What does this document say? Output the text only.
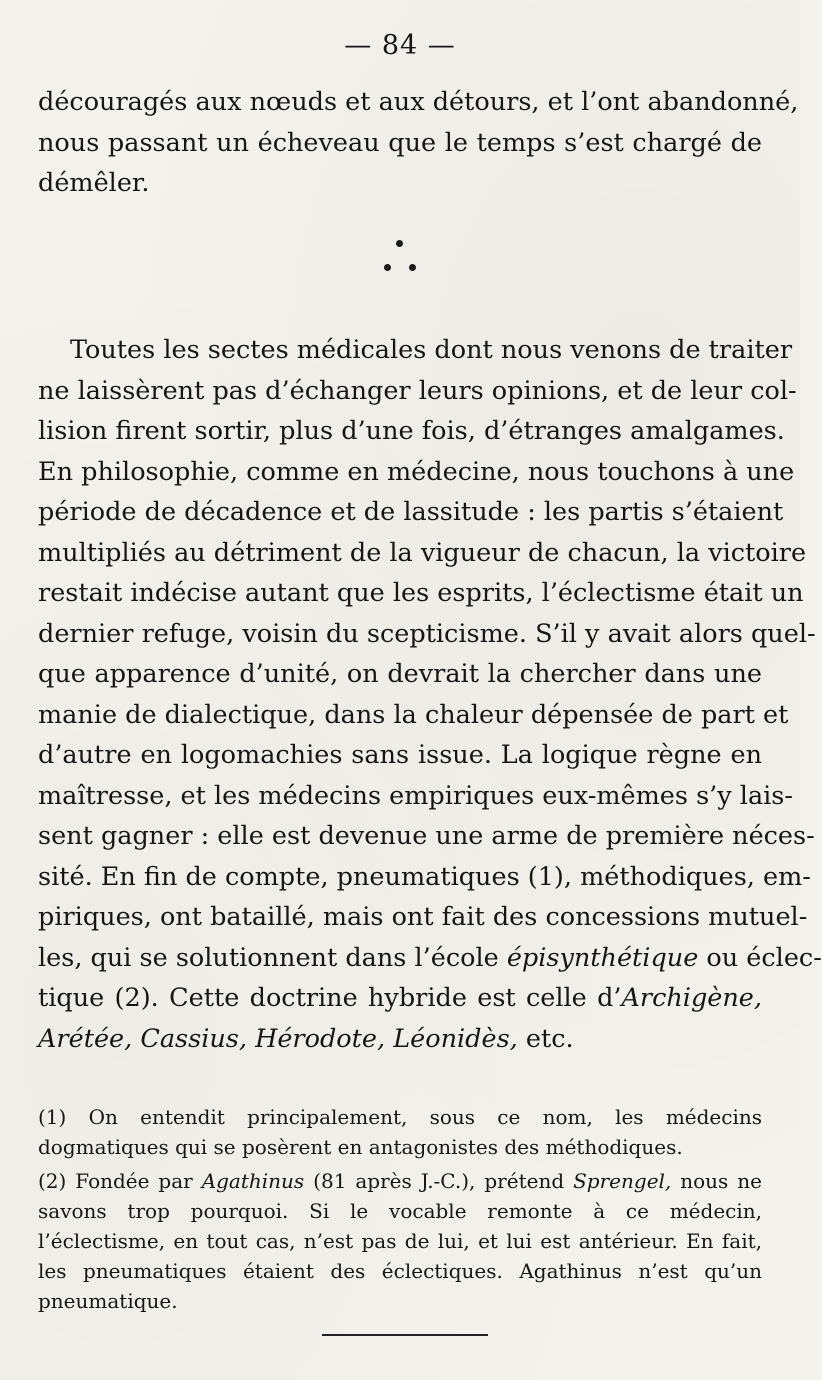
— 84 —

découragés aux nœuds et aux détours, et l’ont abandonné,
nous passant un écheveau que le temps s’est chargé de
démêler.

Toutes les sectes médicales dont nous venons de traiter
ne laissèrent pas d’échanger leurs opinions, et de leur col-
lision firent sortir, plus d’une fois, d’étranges amalgames.
En philosophie, comme en médecine, nous touchons à une
période de décadence et de lassitude : les partis s’étaient
multipliés au détriment de la vigueur de chacun, la victoire
restait indécise autant que les esprits, l’éclectisme était un
dernier refuge, voisin du scepticisme. S’il y avait alors quel-
que apparence d’unité, on devrait la chercher dans une
manie de dialectique, dans la chaleur dépensée de part et
d’autre en logomachies sans issue. La logique règne en
maîtresse, et les médecins empiriques eux-mêmes s’y lais-
sent gagner : elle est devenue une arme de première néces-
sité. En fin de compte, pneumatiques (1), méthodiques, em-
piriques, ont bataillé, mais ont fait des concessions mutuel-
les, qui se solutionnent dans l’école épisynthétique ou éclec-
tique (2). Cette doctrine hybride est celle d’Archigène,
Arétée, Cassius, Hérodote, Léonidès, etc.

(1) On entendit principalement, sous ce nom, les médecins dogmatiques qui se posèrent en antagonistes des méthodiques.

(2) Fondée par Agathinus (81 après J.-C.), prétend Sprengel, nous ne savons trop pourquoi. Si le vocable remonte à ce médecin, l’éclectisme, en tout cas, n’est pas de lui, et lui est antérieur. En fait, les pneumatiques étaient des éclectiques. Agathinus n’est qu’un pneumatique.
